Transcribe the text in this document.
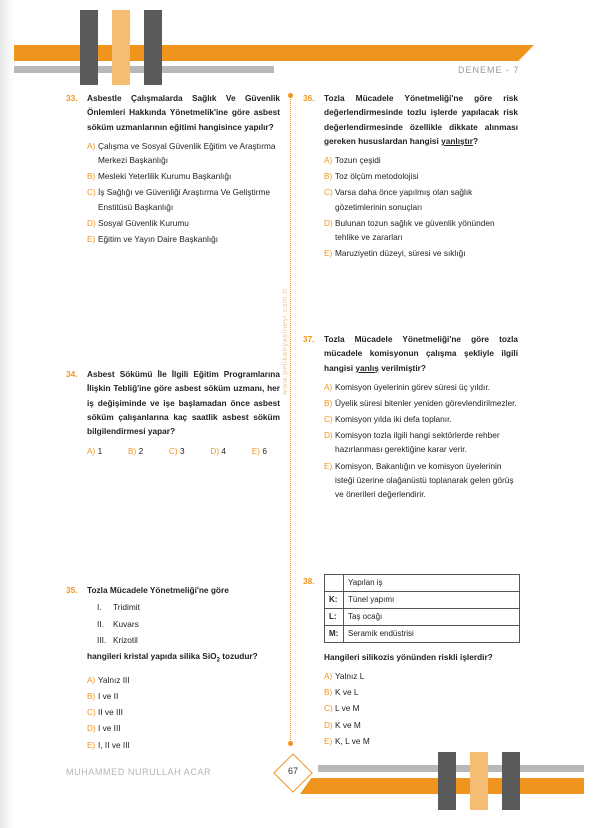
DENEME - 7
www.pelikanyayinevi.com.tr
33. Asbestle Çalışmalarda Sağlık Ve Güvenlik Önlemleri Hakkında Yönetmelik'ine göre asbest söküm uzmanlarının eğitimi hangisince yapılır?

A) Çalışma ve Sosyal Güvenlik Eğitim ve Araştırma Merkezi Başkanlığı
B) Mesleki Yeterlilik Kurumu Başkanlığı
C) İş Sağlığı ve Güvenliği Araştırma Ve Geliştirme Enstitüsü Başkanlığı
D) Sosyal Güvenlik Kurumu
E) Eğitim ve Yayın Daire Başkanlığı
34. Asbest Sökümü İle İlgili Eğitim Programlarına İlişkin Tebliğ'ine göre asbest söküm uzmanı, her iş değişiminde ve işe başlamadan önce asbest söküm çalışanlarına kaç saatlik asbest söküm bilgilendirmesi yapar?

A) 1	B) 2	C) 3	D) 4	E) 6
35. Tozla Mücadele Yönetmeliği'ne göre

I. Tridimit
II. Kuvars
III. Krizotil

hangileri kristal yapıda silika SiO$_2$ tozudur?

A) Yalnız III
B) I ve II
C) II ve III
D) I ve III
E) I, II ve III
36. Tozla Mücadele Yönetmeliği'ne göre risk değerlendirmesinde tozlu işlerde yapılacak risk değerlendirmesinde özellikle dikkate alınması gereken hususlardan hangisi yanlıştır?

A) Tozun çeşidi
B) Toz ölçüm metodolojisi
C) Varsa daha önce yapılmış olan sağlık gözetimlerinin sonuçları
D) Bulunan tozun sağlık ve güvenlik yönünden tehlike ve zararları
E) Maruziyetin düzeyi, süresi ve sıklığı
37. Tozla Mücadele Yönetmeliği'ne göre tozla mücadele komisyonun çalışma şekliyle ilgili hangisi yanlış verilmiştir?

A) Komisyon üyelerinin görev süresi üç yıldır.
B) Üyelik süresi bitenler yeniden görevlendirilmezler.
C) Komisyon yılda iki defa toplanır.
D) Komisyon tozla ilgili hangi sektörlerde rehber hazırlanması gerektiğine karar verir.
E) Komisyon, Bakanlığın ve komisyon üyelerinin isteği üzerine olağanüstü toplanarak gelen görüş ve önerileri değerlendirir.
38.
		Yapılan iş
K:	Tünel yapımı
L:	Taş ocağı
M:	Seramik endüstrisi

Hangileri silikozis yönünden riskli işlerdir?

A) Yalnız L
B) K ve L
C) L ve M
D) K ve M
E) K, L ve M
MUHAMMED NURULLAH ACAR	67
